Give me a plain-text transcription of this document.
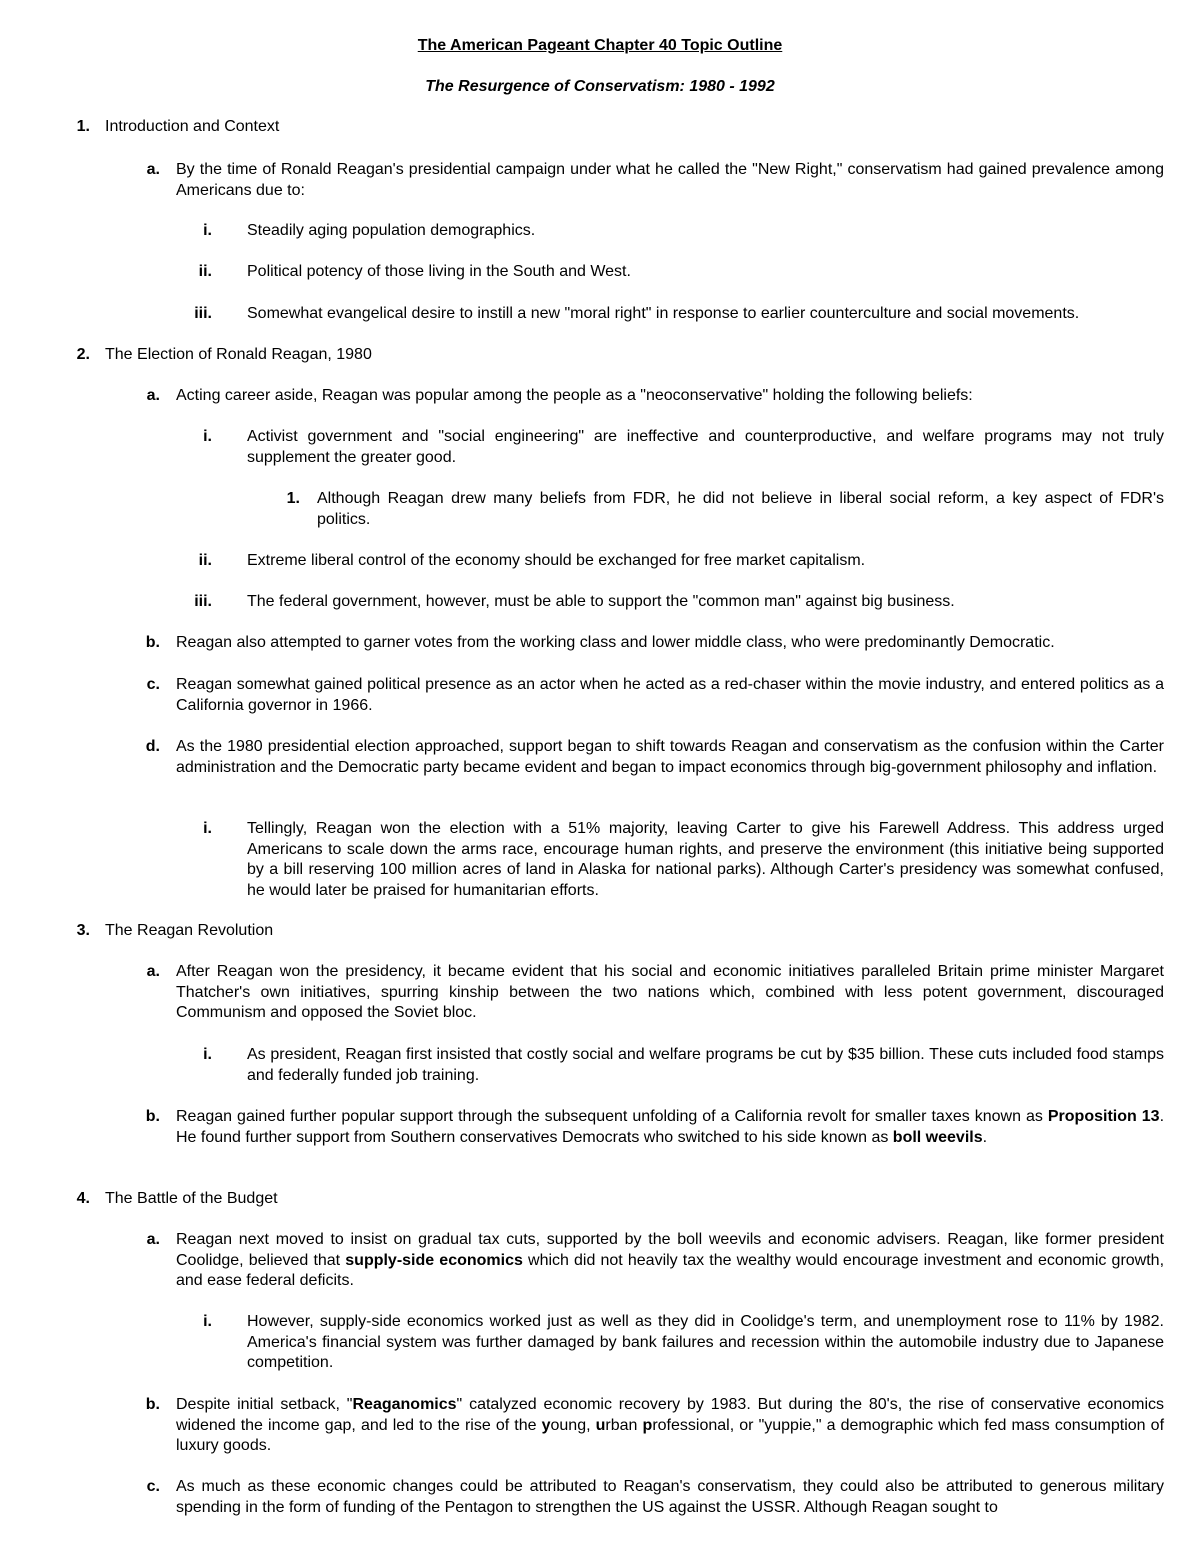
The American Pageant Chapter 40 Topic Outline
The Resurgence of Conservatism: 1980 - 1992
1. Introduction and Context
a. By the time of Ronald Reagan's presidential campaign under what he called the "New Right," conservatism had gained prevalence among Americans due to:
i. Steadily aging population demographics.
ii. Political potency of those living in the South and West.
iii. Somewhat evangelical desire to instill a new "moral right" in response to earlier counterculture and social movements.
2. The Election of Ronald Reagan, 1980
a. Acting career aside, Reagan was popular among the people as a "neoconservative" holding the following beliefs:
i. Activist government and "social engineering" are ineffective and counterproductive, and welfare programs may not truly supplement the greater good.
1. Although Reagan drew many beliefs from FDR, he did not believe in liberal social reform, a key aspect of FDR's politics.
ii. Extreme liberal control of the economy should be exchanged for free market capitalism.
iii. The federal government, however, must be able to support the "common man" against big business.
b. Reagan also attempted to garner votes from the working class and lower middle class, who were predominantly Democratic.
c. Reagan somewhat gained political presence as an actor when he acted as a red-chaser within the movie industry, and entered politics as a California governor in 1966.
d. As the 1980 presidential election approached, support began to shift towards Reagan and conservatism as the confusion within the Carter administration and the Democratic party became evident and began to impact economics through big-government philosophy and inflation.
i. Tellingly, Reagan won the election with a 51% majority, leaving Carter to give his Farewell Address. This address urged Americans to scale down the arms race, encourage human rights, and preserve the environment (this initiative being supported by a bill reserving 100 million acres of land in Alaska for national parks). Although Carter's presidency was somewhat confused, he would later be praised for humanitarian efforts.
3. The Reagan Revolution
a. After Reagan won the presidency, it became evident that his social and economic initiatives paralleled Britain prime minister Margaret Thatcher's own initiatives, spurring kinship between the two nations which, combined with less potent government, discouraged Communism and opposed the Soviet bloc.
i. As president, Reagan first insisted that costly social and welfare programs be cut by $35 billion. These cuts included food stamps and federally funded job training.
b. Reagan gained further popular support through the subsequent unfolding of a California revolt for smaller taxes known as Proposition 13. He found further support from Southern conservatives Democrats who switched to his side known as boll weevils.
4. The Battle of the Budget
a. Reagan next moved to insist on gradual tax cuts, supported by the boll weevils and economic advisers. Reagan, like former president Coolidge, believed that supply-side economics which did not heavily tax the wealthy would encourage investment and economic growth, and ease federal deficits.
i. However, supply-side economics worked just as well as they did in Coolidge's term, and unemployment rose to 11% by 1982. America's financial system was further damaged by bank failures and recession within the automobile industry due to Japanese competition.
b. Despite initial setback, "Reaganomics" catalyzed economic recovery by 1983. But during the 80's, the rise of conservative economics widened the income gap, and led to the rise of the young, urban professional, or "yuppie," a demographic which fed mass consumption of luxury goods.
c. As much as these economic changes could be attributed to Reagan's conservatism, they could also be attributed to generous military spending in the form of funding of the Pentagon to strengthen the US against the USSR. Although Reagan sought to
